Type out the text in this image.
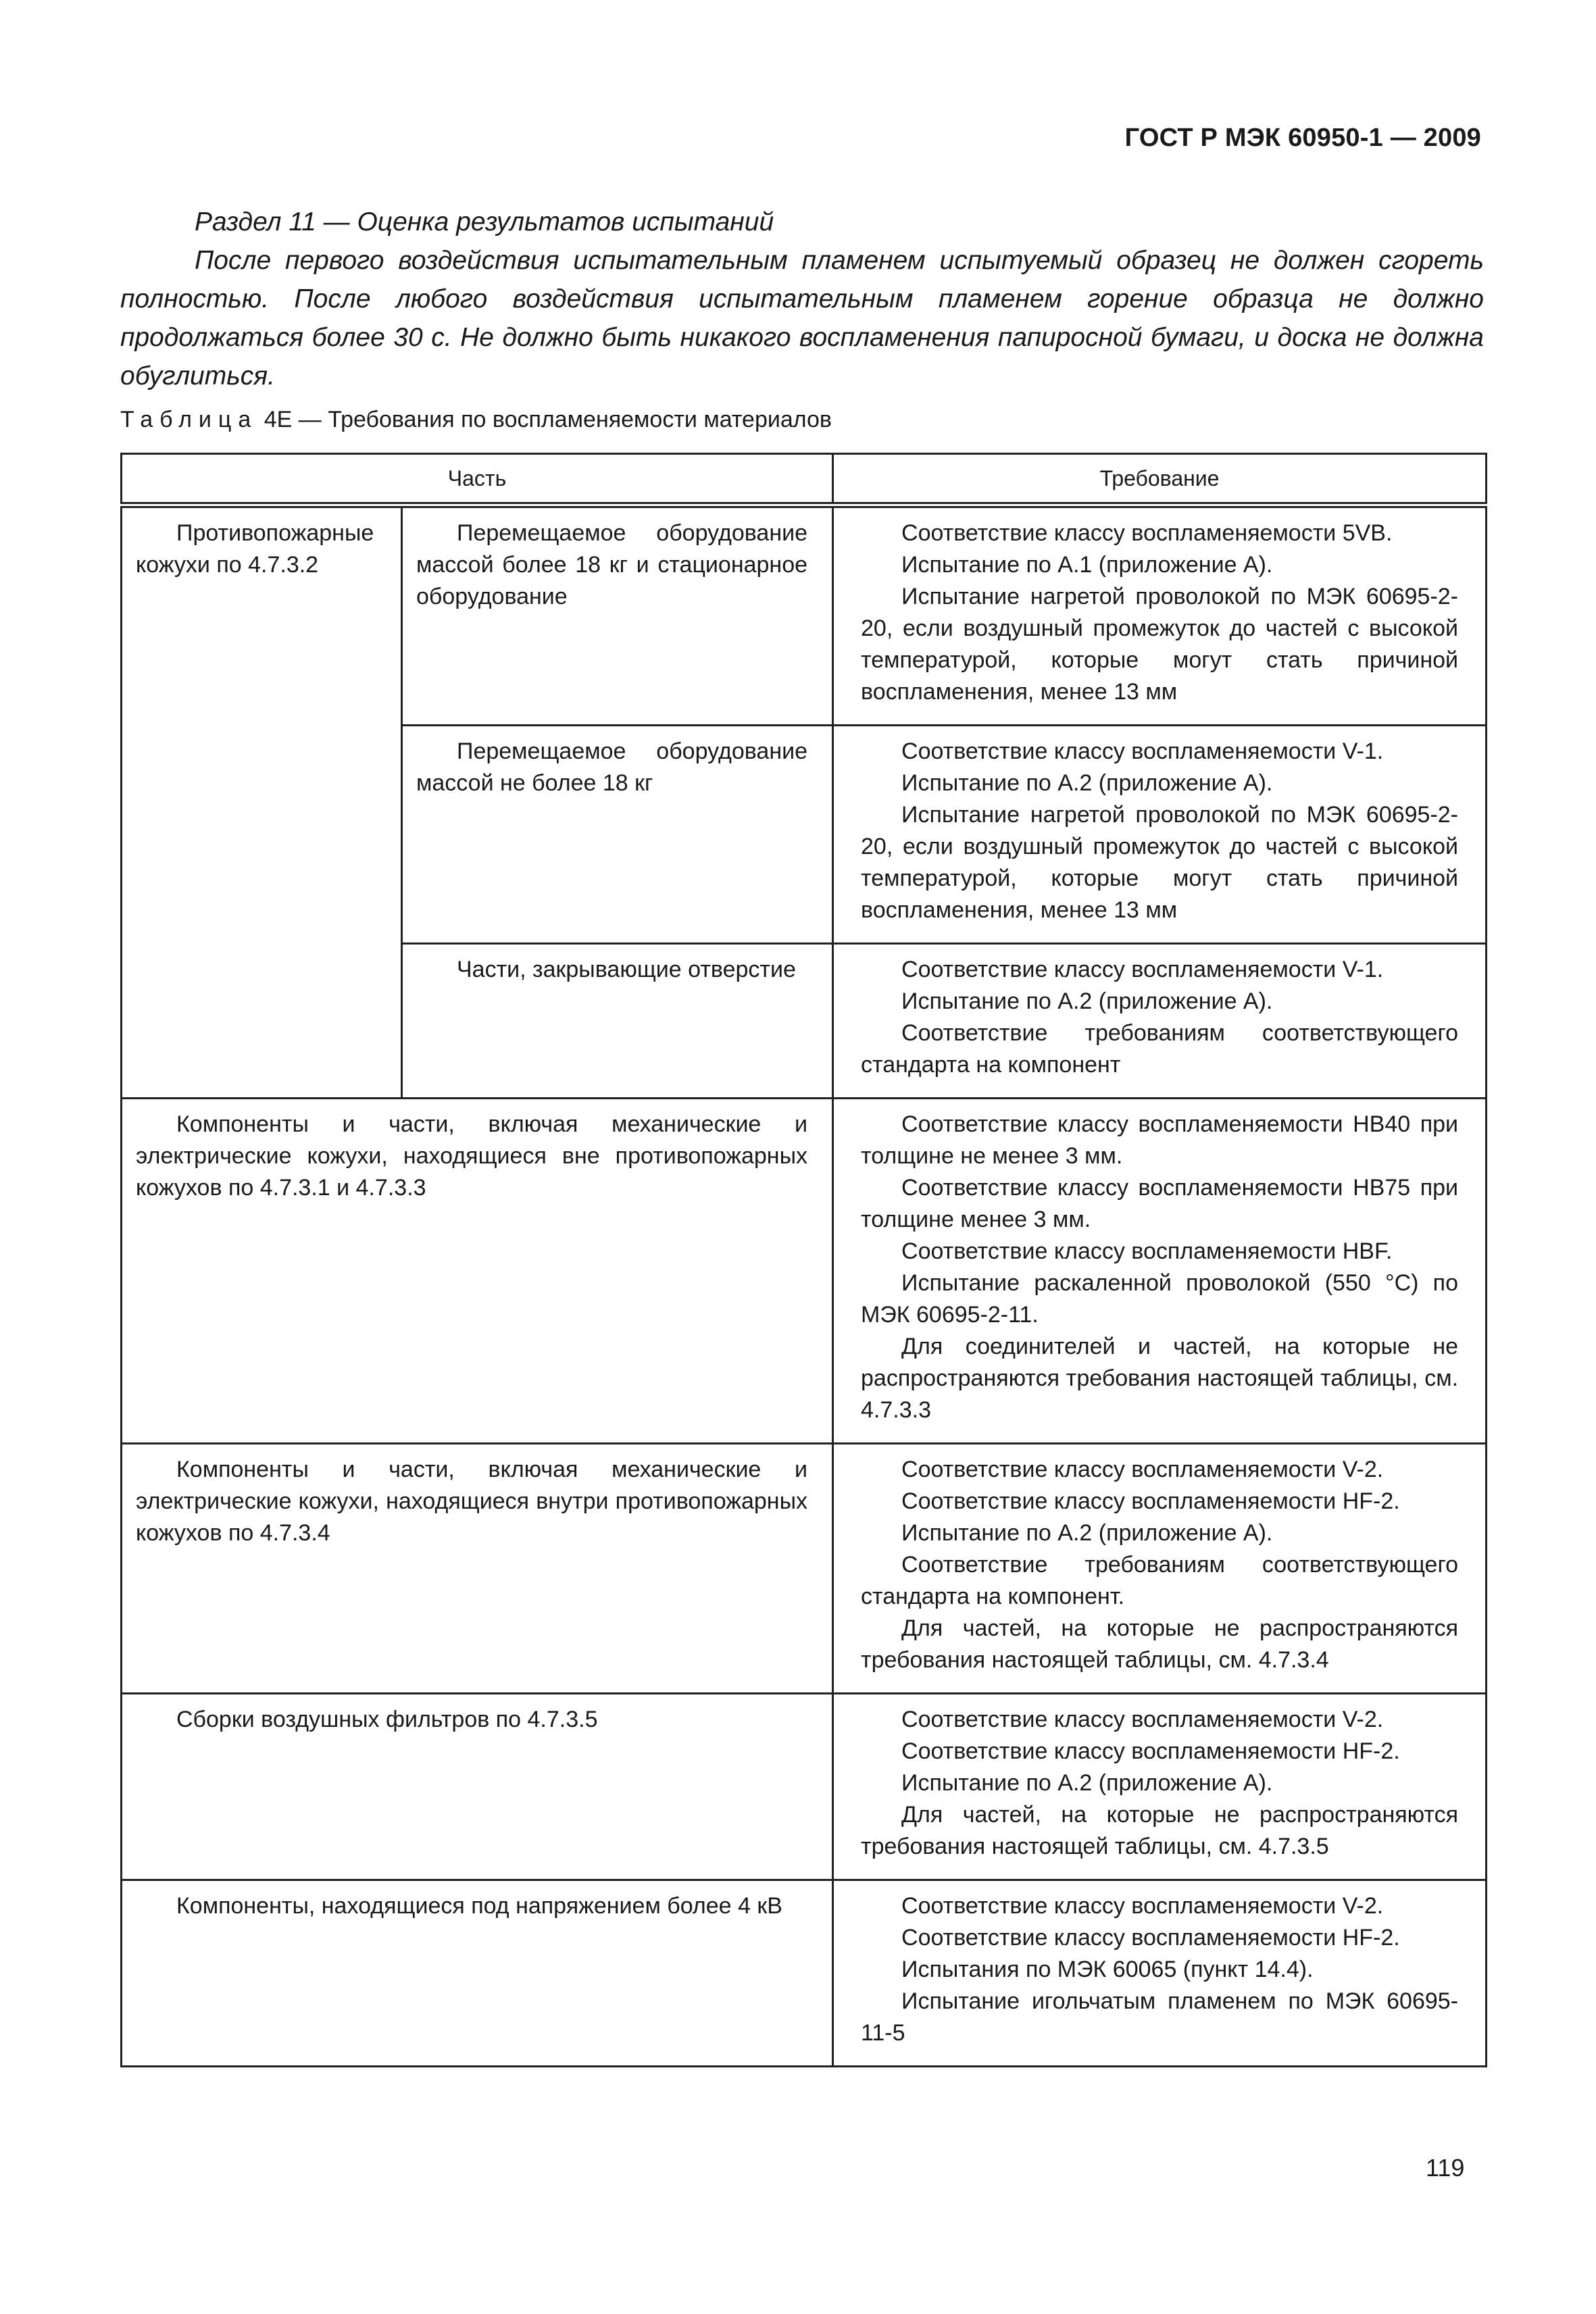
ГОСТ Р МЭК 60950-1 — 2009

Раздел 11 — Оценка результатов испытаний

После первого воздействия испытательным пламенем испытуемый образец не должен сгореть полностью. После любого воздействия испытательным пламенем горение образца не должно продолжаться более 30 с. Не должно быть никакого воспламенения папиросной бумаги, и доска не должна обуглиться.

Таблица 4Е — Требования по воспламеняемости материалов
Часть		Требование

Противопожарные кожухи по 4.7.3.2	Перемещаемое оборудование массой более 18 кг и стационарное оборудование	Соответствие классу воспламеняемости 5VB.

Испытание по А.1 (приложение А).

Испытание нагретой проволокой по МЭК 60695-2-20, если воздушный промежуток до частей с высокой температурой, которые могут стать причиной воспламенения, менее 13 мм

	Перемещаемое оборудование массой не более 18 кг	Соответствие классу воспламеняемости V-1.

Испытание по А.2 (приложение А).

Испытание нагретой проволокой по МЭК 60695-2-20, если воздушный промежуток до частей с высокой температурой, которые могут стать причиной воспламенения, менее 13 мм

	Части, закрывающие отверстие	Соответствие классу воспламеняемости V-1.

Испытание по А.2 (приложение А).

Соответствие требованиям соответствующего стандарта на компонент

Компоненты и части, включая механические и электрические кожухи, находящиеся вне противопожарных кожухов по 4.7.3.1 и 4.7.3.3		Соответствие классу воспламеняемости НВ40 при толщине не менее 3 мм.

Соответствие классу воспламеняемости НВ75 при толщине менее 3 мм.

Соответствие классу воспламеняемости HBF.

Испытание раскаленной проволокой (550 °С) по МЭК 60695-2-11.

Для соединителей и частей, на которые не распространяются требования настоящей таблицы, см. 4.7.3.3

Компоненты и части, включая механические и электрические кожухи, находящиеся внутри противопожарных кожухов по 4.7.3.4		Соответствие классу воспламеняемости V-2.

Соответствие классу воспламеняемости HF-2.

Испытание по А.2 (приложение А).

Соответствие требованиям соответствующего стандарта на компонент.

Для частей, на которые не распространяются требования настоящей таблицы, см. 4.7.3.4

Сборки воздушных фильтров по 4.7.3.5		Соответствие классу воспламеняемости V-2.

Соответствие классу воспламеняемости HF-2.

Испытание по А.2 (приложение А).

Для частей, на которые не распространяются требования настоящей таблицы, см. 4.7.3.5

Компоненты, находящиеся под напряжением более 4 кВ		Соответствие классу воспламеняемости V-2.

Соответствие классу воспламеняемости HF-2.

Испытания по МЭК 60065 (пункт 14.4).

Испытание игольчатым пламенем по МЭК 60695-11-5

119
